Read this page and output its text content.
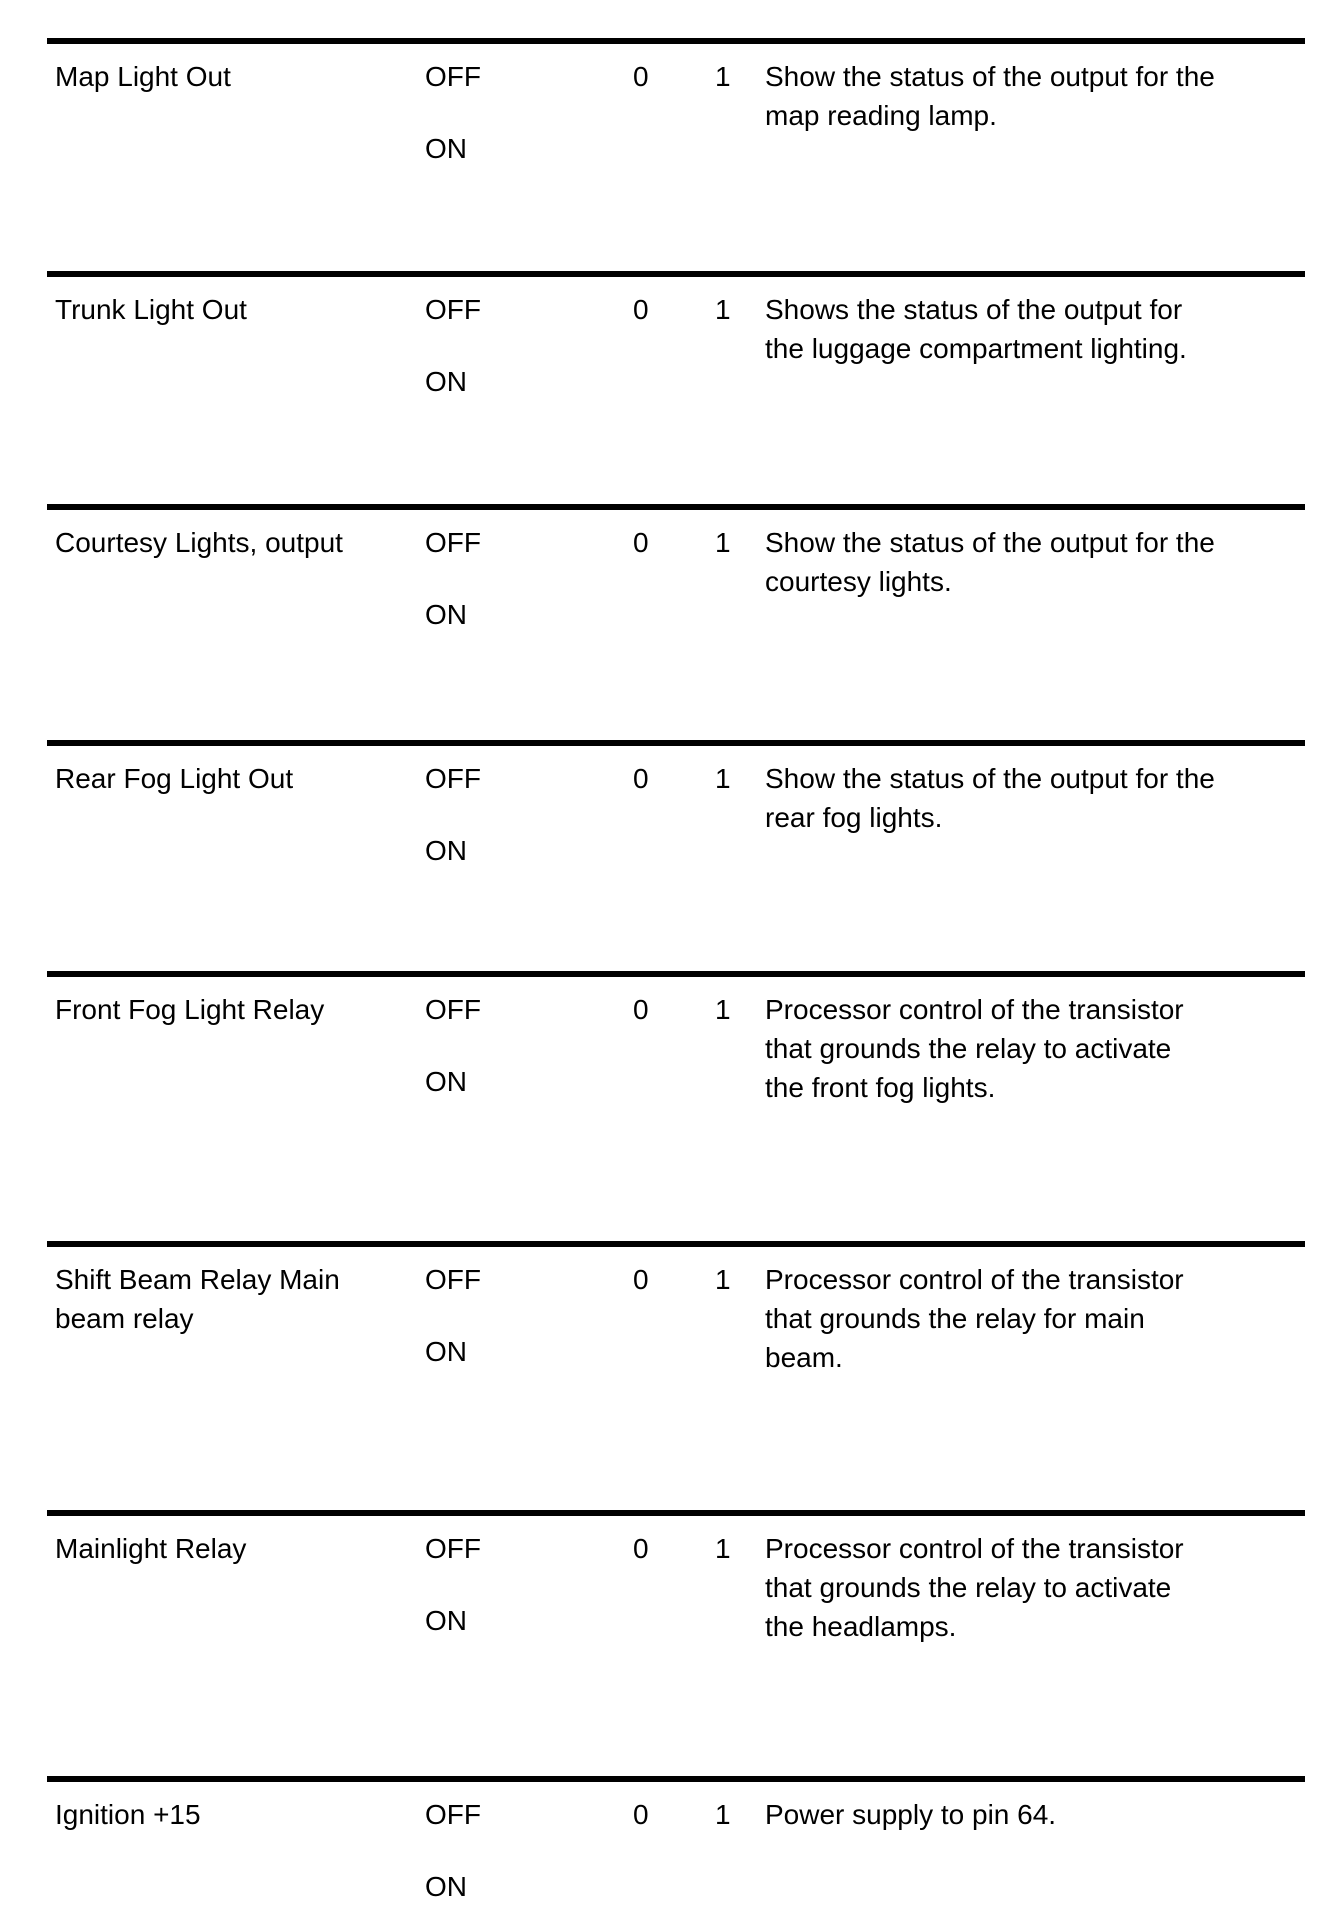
Map Light Out	OFF
ON
0	1	Show the status of the output for the map reading lamp.
Trunk Light Out	OFF
ON
0	1	Shows the status of the output for the luggage compartment lighting.
Courtesy Lights, output	OFF
ON
0	1	Show the status of the output for the courtesy lights.
Rear Fog Light Out	OFF
ON
0	1	Show the status of the output for the rear fog lights.
Front Fog Light Relay	OFF
ON
0	1	Processor control of the transistor that grounds the relay to activate the front fog lights.
Shift Beam Relay Main beam relay
OFF
ON
0	1	Processor control of the transistor that grounds the relay for main beam.
Mainlight Relay	OFF
ON
0	1	Processor control of the transistor that grounds the relay to activate the headlamps.
Ignition +15	OFF
ON
0	1	Power supply to pin 64.
